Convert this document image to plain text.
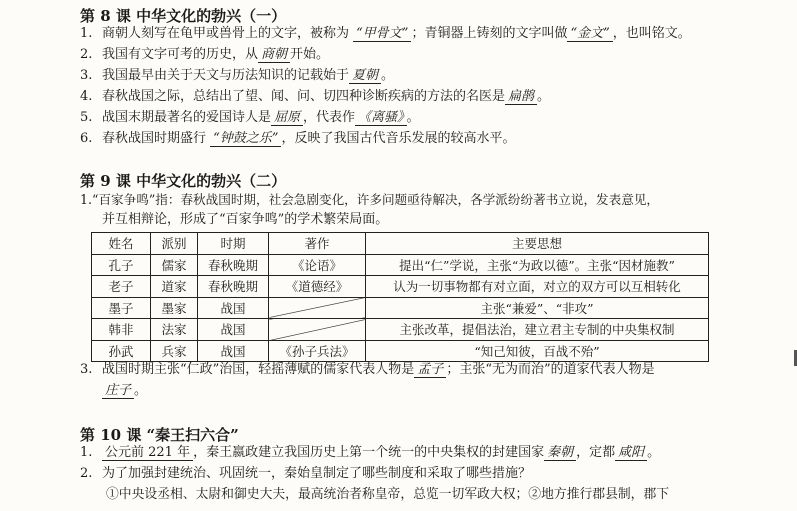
第 8 课 中华文化的勃兴（一）
1. 商朝人刻写在龟甲或兽骨上的文字，被称为 “甲骨文” ；青铜器上铸刻的文字叫做 “金文” ，也叫铭文。
2. 我国有文字可考的历史，从 商朝 开始。
3. 我国最早由关于天文与历法知识的记载始于 夏朝 。
4. 春秋战国之际，总结出了望、闻、问、切四种诊断疾病的方法的名医是 扁鹊 。
5. 战国末期最著名的爱国诗人是 屈原 ，代表作 《离骚》 。
6. 春秋战国时期盛行 “钟鼓之乐” ，反映了我国古代音乐发展的较高水平。
第 9 课 中华文化的勃兴（二）
1.“百家争鸣”指：春秋战国时期，社会急剧变化，许多问题亟待解决，各学派纷纷著书立说，发表意见，
并互相辩论，形成了“百家争鸣”的学术繁荣局面。
姓名	派别	时期	著作	主要思想
孔子	儒家	春秋晚期	《论语》	提出“仁”学说，主张“为政以德”。主张“因材施教”
老子	道家	春秋晚期	《道德经》	认为一切事物都有对立面，对立的双方可以互相转化
墨子	墨家	战国		主张“兼爱”、“非攻”
韩非	法家	战国		主张改革，提倡法治，建立君主专制的中央集权制
孙武	兵家	战国	《孙子兵法》	“知己知彼，百战不殆”
3. 战国时期主张“仁政”治国，轻摇薄赋的儒家代表人物是 孟子 ；主张“无为而治”的道家代表人物是
庄子 。
第 10 课 “秦王扫六合”
1. 公元前 221 年 ，秦王嬴政建立我国历史上第一个统一的中央集权的封建国家 秦朝 ，定都 咸阳 。
2. 为了加强封建统治、巩固统一，秦始皇制定了哪些制度和采取了哪些措施？
①中央设丞相、太尉和御史大夫，最高统治者称皇帝，总览一切军政大权；②地方推行郡县制，郡下
